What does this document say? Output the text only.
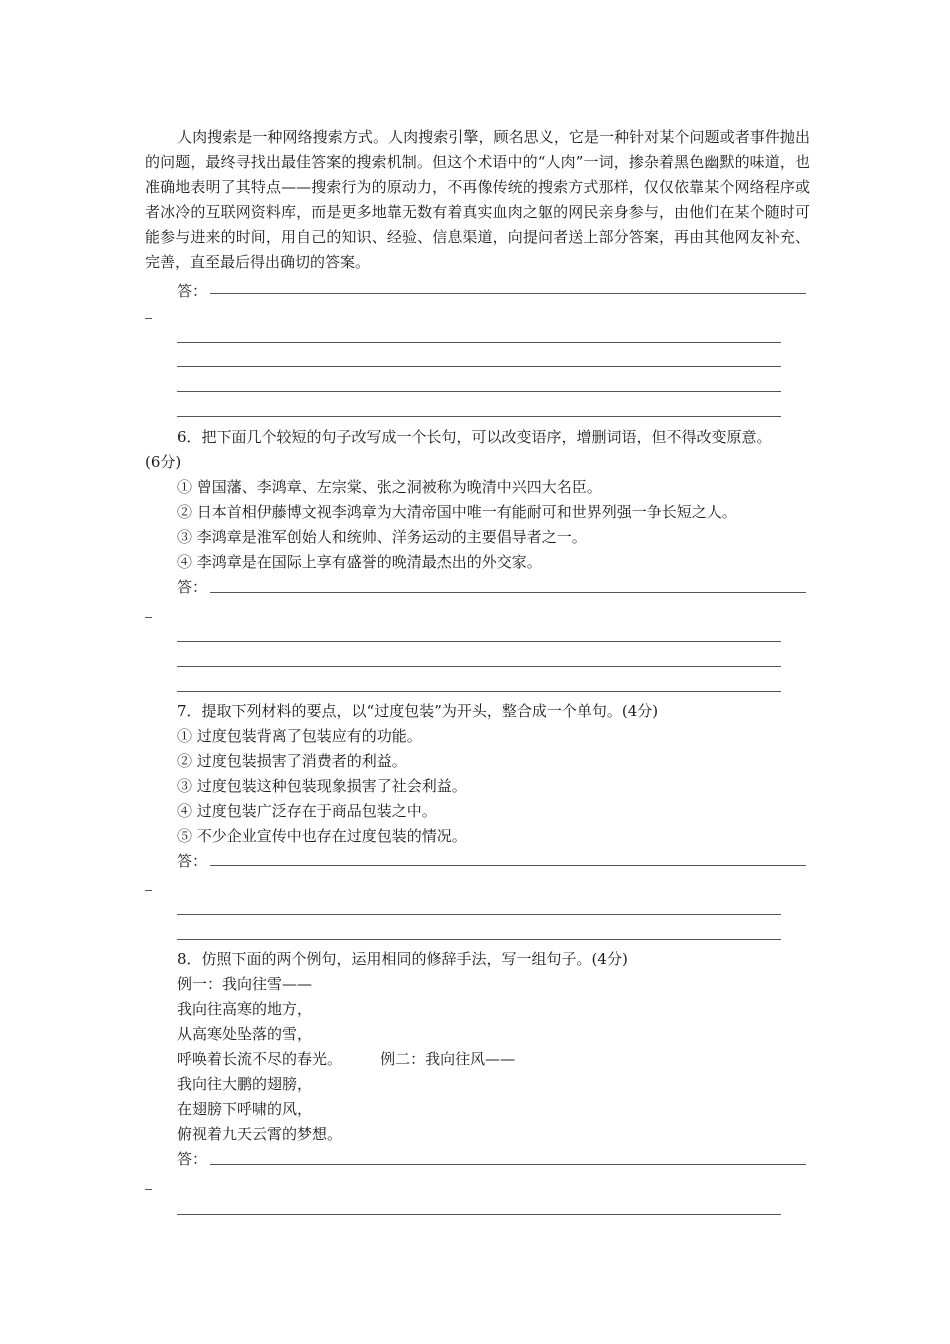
人肉搜索是一种网络搜索方式。人肉搜索引擎，顾名思义，它是一种针对某个问题或者事件抛出的问题，最终寻找出最佳答案的搜索机制。但这个术语中的“人肉”一词，掺杂着黑色幽默的味道，也准确地表明了其特点——搜索行为的原动力，不再像传统的搜索方式那样，仅仅依靠某个网络程序或者冰冷的互联网资料库，而是更多地靠无数有着真实血肉之躯的网民亲身参与，由他们在某个随时可能参与进来的时间，用自己的知识、经验、信息渠道，向提问者送上部分答案，再由其他网友补充、完善，直至最后得出确切的答案。
答：
6．把下面几个较短的句子改写成一个长句，可以改变语序，增删词语，但不得改变原意。
(6分)
① 曾国藩、李鸿章、左宗棠、张之洞被称为晚清中兴四大名臣。
② 日本首相伊藤博文视李鸿章为大清帝国中唯一有能耐可和世界列强一争长短之人。
③ 李鸿章是淮军创始人和统帅、洋务运动的主要倡导者之一。
④ 李鸿章是在国际上享有盛誉的晚清最杰出的外交家。
答：
7．提取下列材料的要点，以“过度包装”为开头，整合成一个单句。(4分)
① 过度包装背离了包装应有的功能。
② 过度包装损害了消费者的利益。
③ 过度包装这种包装现象损害了社会利益。
④ 过度包装广泛存在于商品包装之中。
⑤ 不少企业宣传中也存在过度包装的情况。
答：
8．仿照下面的两个例句，运用相同的修辞手法，写一组句子。(4分)
例一：我向往雪——
我向往高寒的地方，
从高寒处坠落的雪，
呼唤着长流不尽的春光。        例二：我向往风——
我向往大鹏的翅膀，
在翅膀下呼啸的风，
俯视着九天云霄的梦想。
答：
